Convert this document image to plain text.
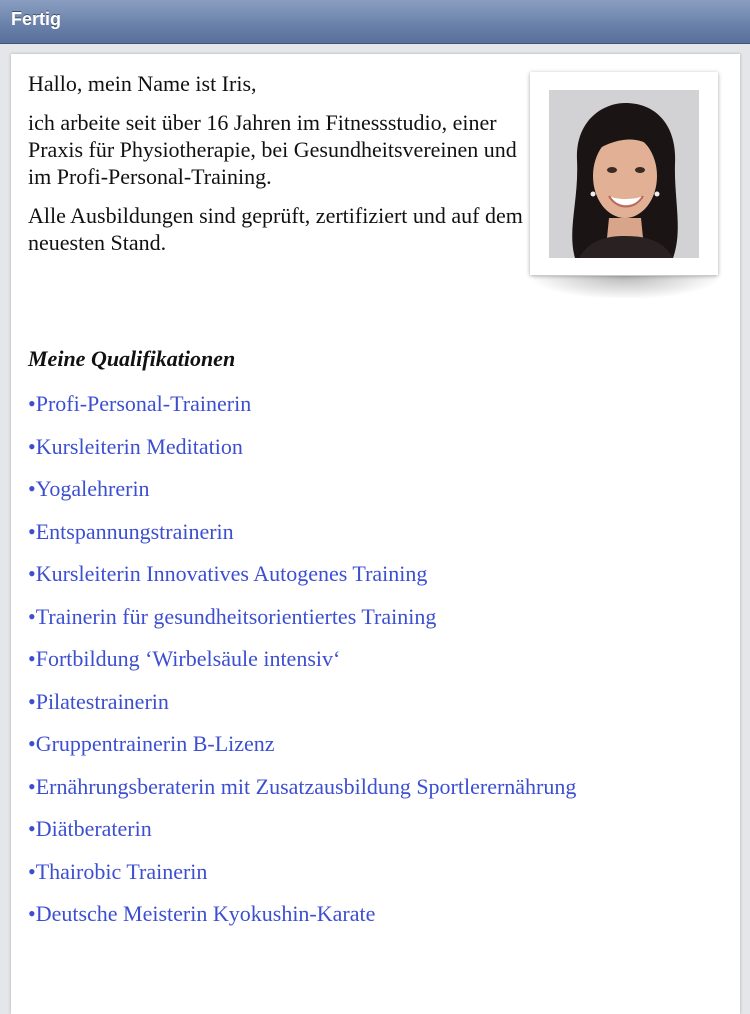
Fertig

Hallo, mein Name ist Iris,

ich arbeite seit über 16 Jahren im Fitnessstudio, einer Praxis für Physiotherapie, bei Gesundheitsvereinen und im Profi-Personal-Training.

Alle Ausbildungen sind geprüft, zertifiziert und auf dem neuesten Stand.

Meine Qualifikationen
•Profi-Personal-Trainerin
•Kursleiterin Meditation
•Yogalehrerin
•Entspannungstrainerin
•Kursleiterin Innovatives Autogenes Training
•Trainerin für gesundheitsorientiertes Training
•Fortbildung ‘Wirbelsäule intensiv‘
•Pilatestrainerin
•Gruppentrainerin B-Lizenz
•Ernährungsberaterin mit Zusatzausbildung Sportlerernährung
•Diätberaterin
•Thairobic Trainerin
•Deutsche Meisterin Kyokushin-Karate
